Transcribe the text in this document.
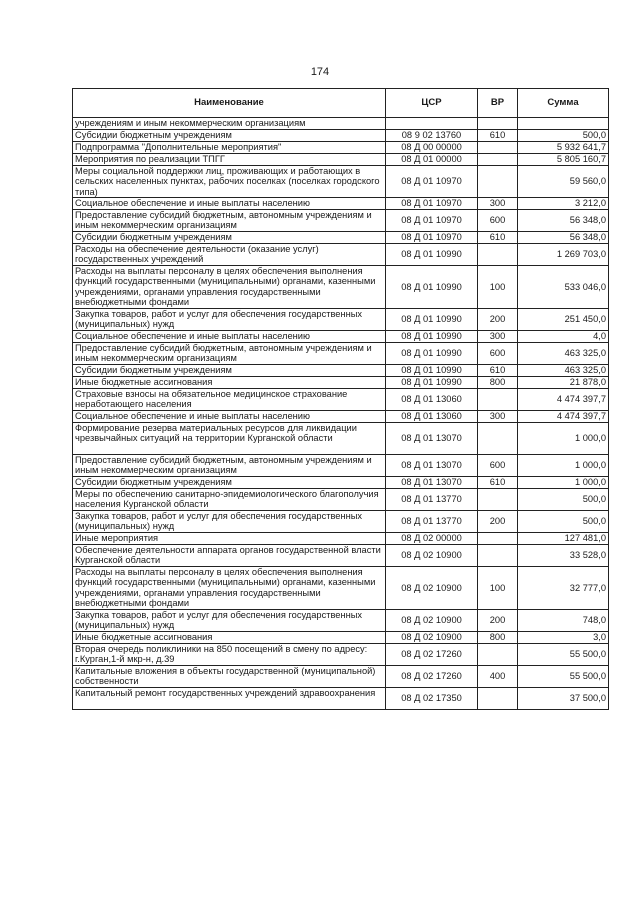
174
Наименование	ЦСР	ВР	Сумма
учреждениям и иным некоммерческим организациям			
Субсидии бюджетным учреждениям	08 9 02 13760	610	500,0
Подпрограмма "Дополнительные мероприятия"	08 Д 00 00000		5 932 641,7
Мероприятия по реализации ТПГГ	08 Д 01 00000		5 805 160,7
Меры социальной поддержки лиц, проживающих и работающих в сельских населенных пунктах, рабочих поселках (поселках городского типа)	08 Д 01 10970		59 560,0
Социальное обеспечение и иные выплаты населению	08 Д 01 10970	300	3 212,0
Предоставление субсидий бюджетным, автономным учреждениям и иным некоммерческим организациям	08 Д 01 10970	600	56 348,0
Субсидии бюджетным учреждениям	08 Д 01 10970	610	56 348,0
Расходы на обеспечение деятельности (оказание услуг) государственных учреждений	08 Д 01 10990		1 269 703,0
Расходы на выплаты персоналу в целях обеспечения выполнения функций государственными (муниципальными) органами, казенными учреждениями, органами управления государственными внебюджетными фондами	08 Д 01 10990	100	533 046,0
Закупка товаров, работ и услуг для обеспечения государственных (муниципальных) нужд	08 Д 01 10990	200	251 450,0
Социальное обеспечение и иные выплаты населению	08 Д 01 10990	300	4,0
Предоставление субсидий бюджетным, автономным учреждениям и иным некоммерческим организациям	08 Д 01 10990	600	463 325,0
Субсидии бюджетным учреждениям	08 Д 01 10990	610	463 325,0
Иные бюджетные ассигнования	08 Д 01 10990	800	21 878,0
Страховые взносы на обязательное медицинское страхование неработающего населения	08 Д 01 13060		4 474 397,7
Социальное обеспечение и иные выплаты населению	08 Д 01 13060	300	4 474 397,7
Формирование резерва материальных ресурсов для ликвидации чрезвычайных ситуаций на территории Курганской области	08 Д 01 13070		1 000,0
Предоставление субсидий бюджетным, автономным учреждениям и иным некоммерческим организациям	08 Д 01 13070	600	1 000,0
Субсидии бюджетным учреждениям	08 Д 01 13070	610	1 000,0
Меры по обеспечению санитарно-эпидемиологического благополучия населения Курганской области	08 Д 01 13770		500,0
Закупка товаров, работ и услуг для обеспечения государственных (муниципальных) нужд	08 Д 01 13770	200	500,0
Иные мероприятия	08 Д 02 00000		127 481,0
Обеспечение деятельности аппарата органов государственной власти Курганской области	08 Д 02 10900		33 528,0
Расходы на выплаты персоналу в целях обеспечения выполнения функций государственными (муниципальными) органами, казенными учреждениями, органами управления государственными внебюджетными фондами	08 Д 02 10900	100	32 777,0
Закупка товаров, работ и услуг для обеспечения государственных (муниципальных) нужд	08 Д 02 10900	200	748,0
Иные бюджетные ассигнования	08 Д 02 10900	800	3,0
Вторая очередь поликлиники на 850 посещений в смену по адресу: г.Курган,1-й мкр-н, д.39	08 Д 02 17260		55 500,0
Капитальные вложения в объекты государственной (муниципальной) собственности	08 Д 02 17260	400	55 500,0
Капитальный ремонт государственных учреждений здравоохранения	08 Д 02 17350		37 500,0
